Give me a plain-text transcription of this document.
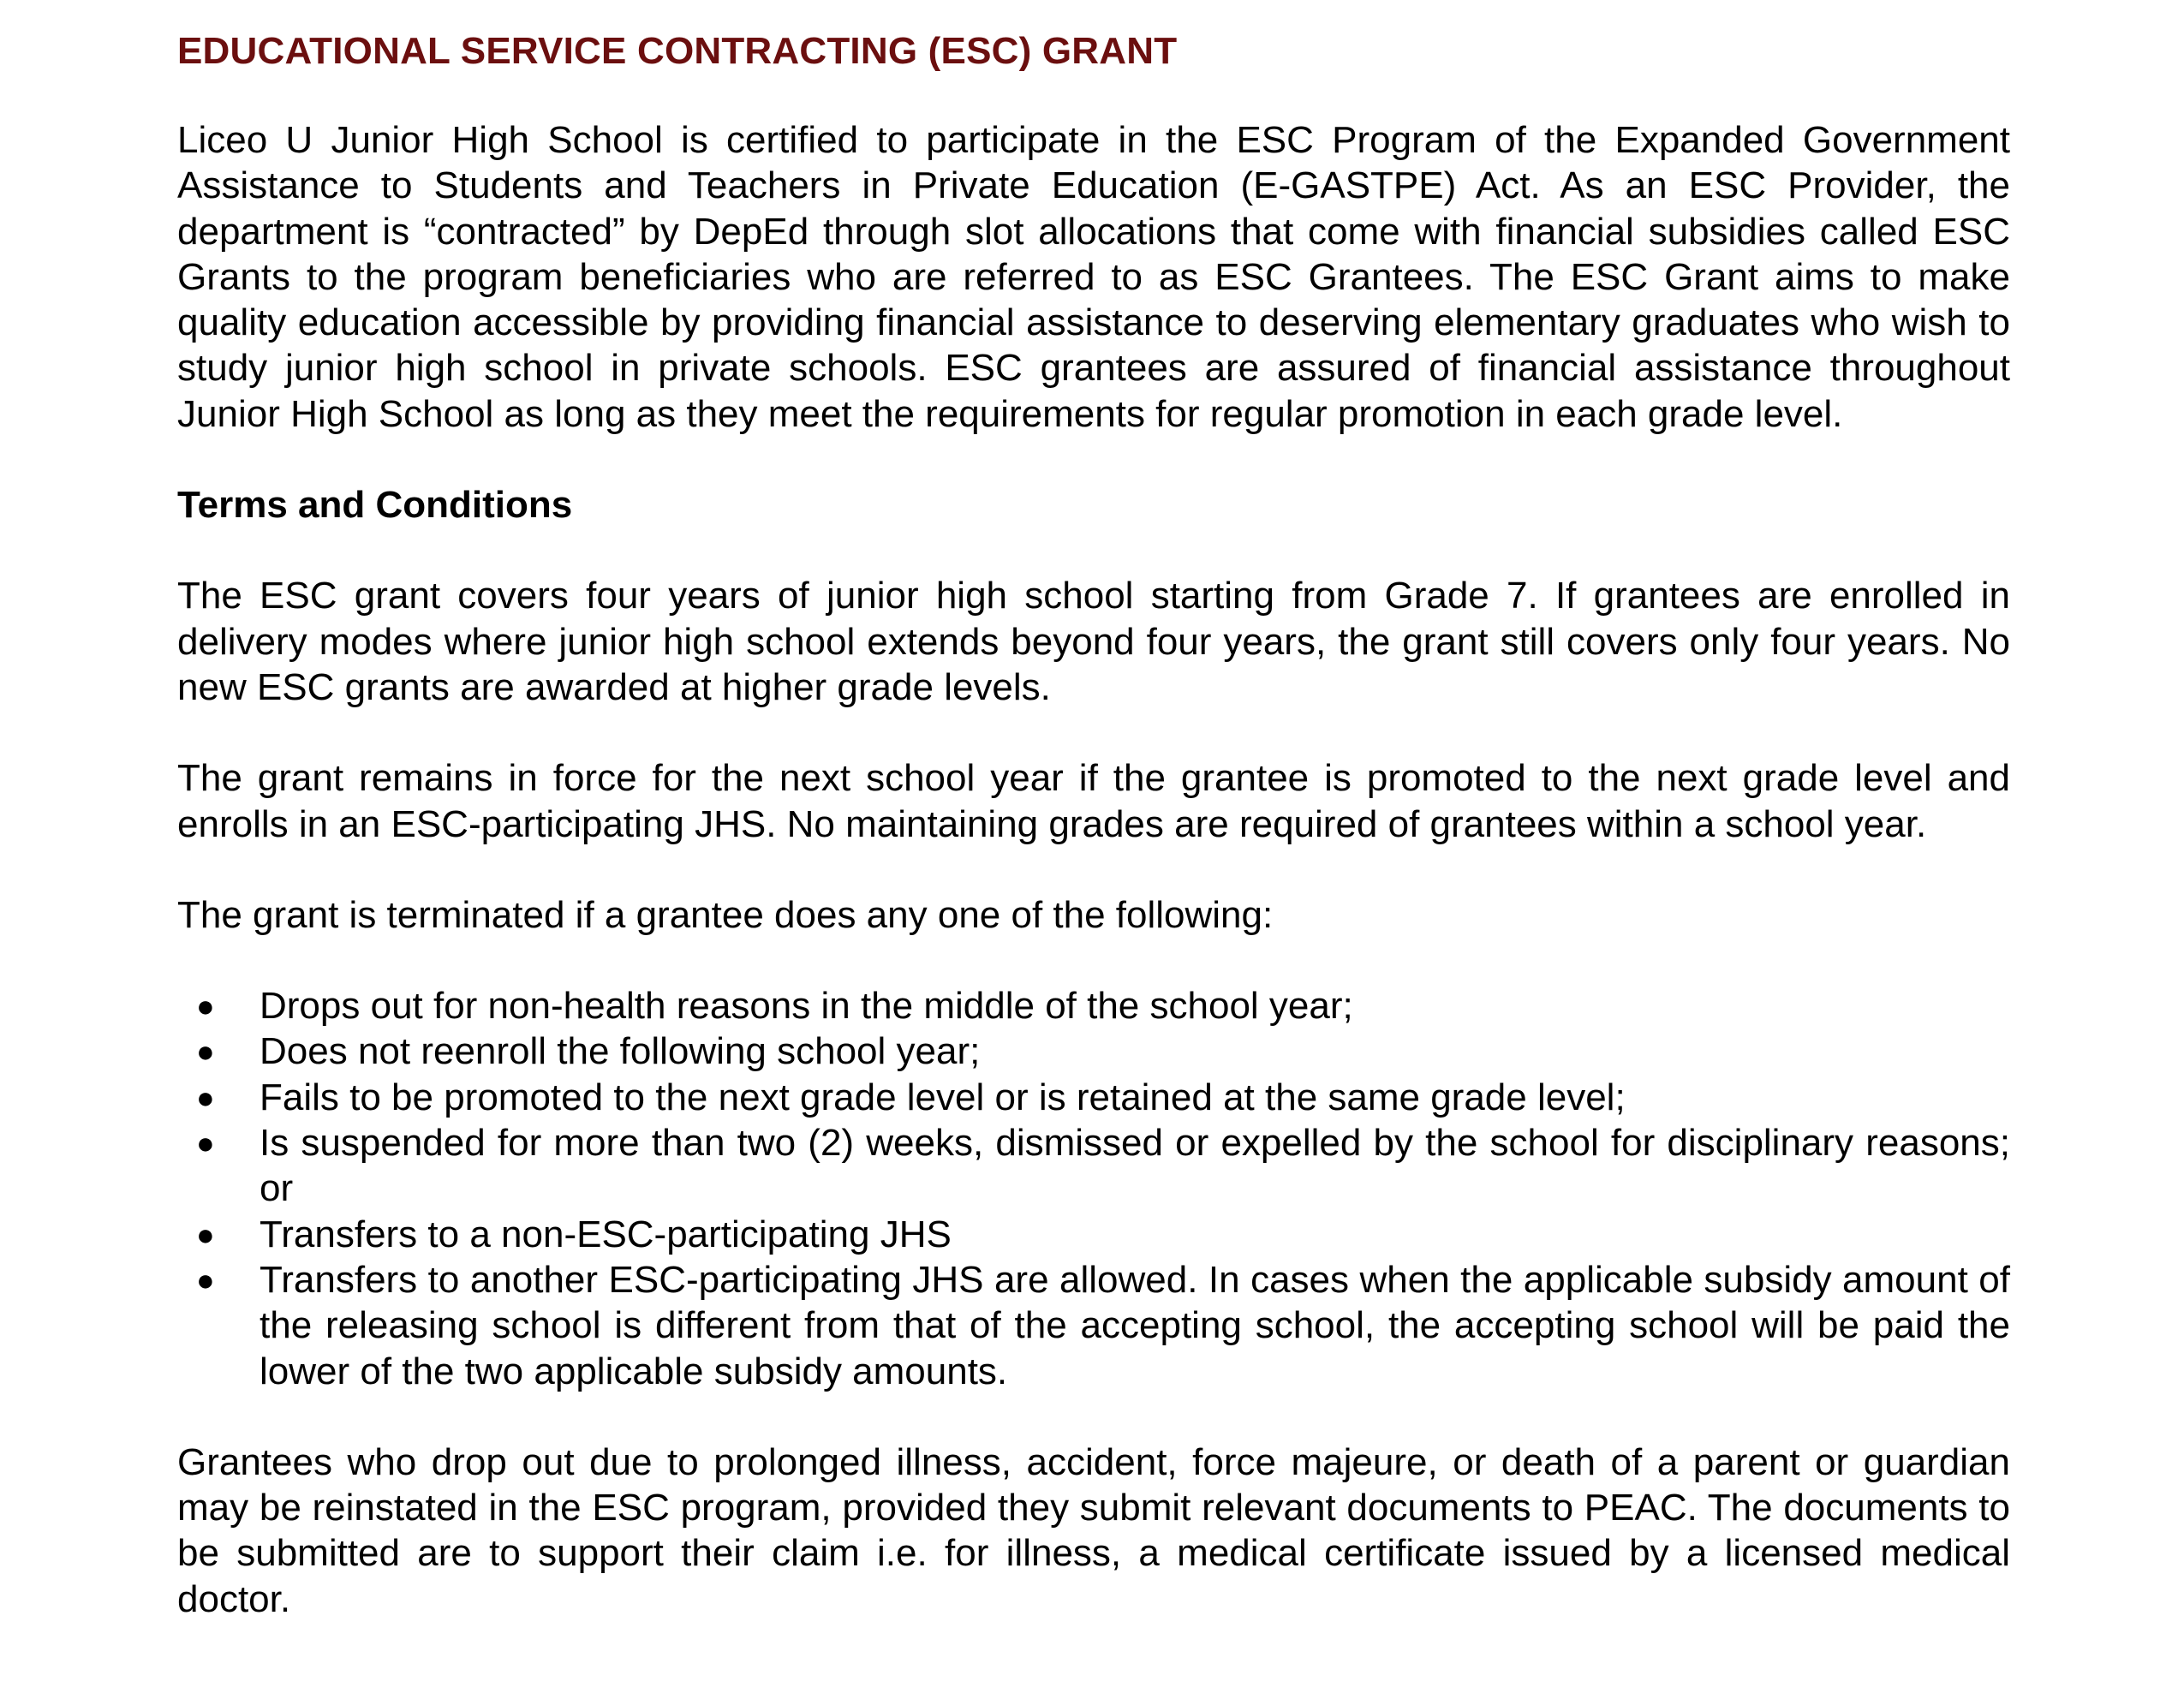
EDUCATIONAL SERVICE CONTRACTING (ESC) GRANT

Liceo U Junior High School is certified to participate in the ESC Program of the Expanded Government Assistance to Students and Teachers in Private Education (E-GASTPE) Act. As an ESC Provider, the department is “contracted” by DepEd through slot allocations that come with financial subsidies called ESC Grants to the program beneficiaries who are referred to as ESC Grantees. The ESC Grant aims to make quality education accessible by providing financial assistance to deserving elementary graduates who wish to study junior high school in private schools. ESC grantees are assured of financial assistance throughout Junior High School as long as they meet the requirements for regular promotion in each grade level.

Terms and Conditions

The ESC grant covers four years of junior high school starting from Grade 7. If grantees are enrolled in delivery modes where junior high school extends beyond four years, the grant still covers only four years. No new ESC grants are awarded at higher grade levels.

The grant remains in force for the next school year if the grantee is promoted to the next grade level and enrolls in an ESC-participating JHS. No maintaining grades are required of grantees within a school year.

The grant is terminated if a grantee does any one of the following:

● Drops out for non-health reasons in the middle of the school year;
● Does not reenroll the following school year;
● Fails to be promoted to the next grade level or is retained at the same grade level;
● Is suspended for more than two (2) weeks, dismissed or expelled by the school for disciplinary reasons; or
● Transfers to a non-ESC-participating JHS
● Transfers to another ESC-participating JHS are allowed. In cases when the applicable subsidy amount of the releasing school is different from that of the accepting school, the accepting school will be paid the lower of the two applicable subsidy amounts.

Grantees who drop out due to prolonged illness, accident, force majeure, or death of a parent or guardian may be reinstated in the ESC program, provided they submit relevant documents to PEAC. The documents to be submitted are to support their claim i.e. for illness, a medical certificate issued by a licensed medical doctor.
